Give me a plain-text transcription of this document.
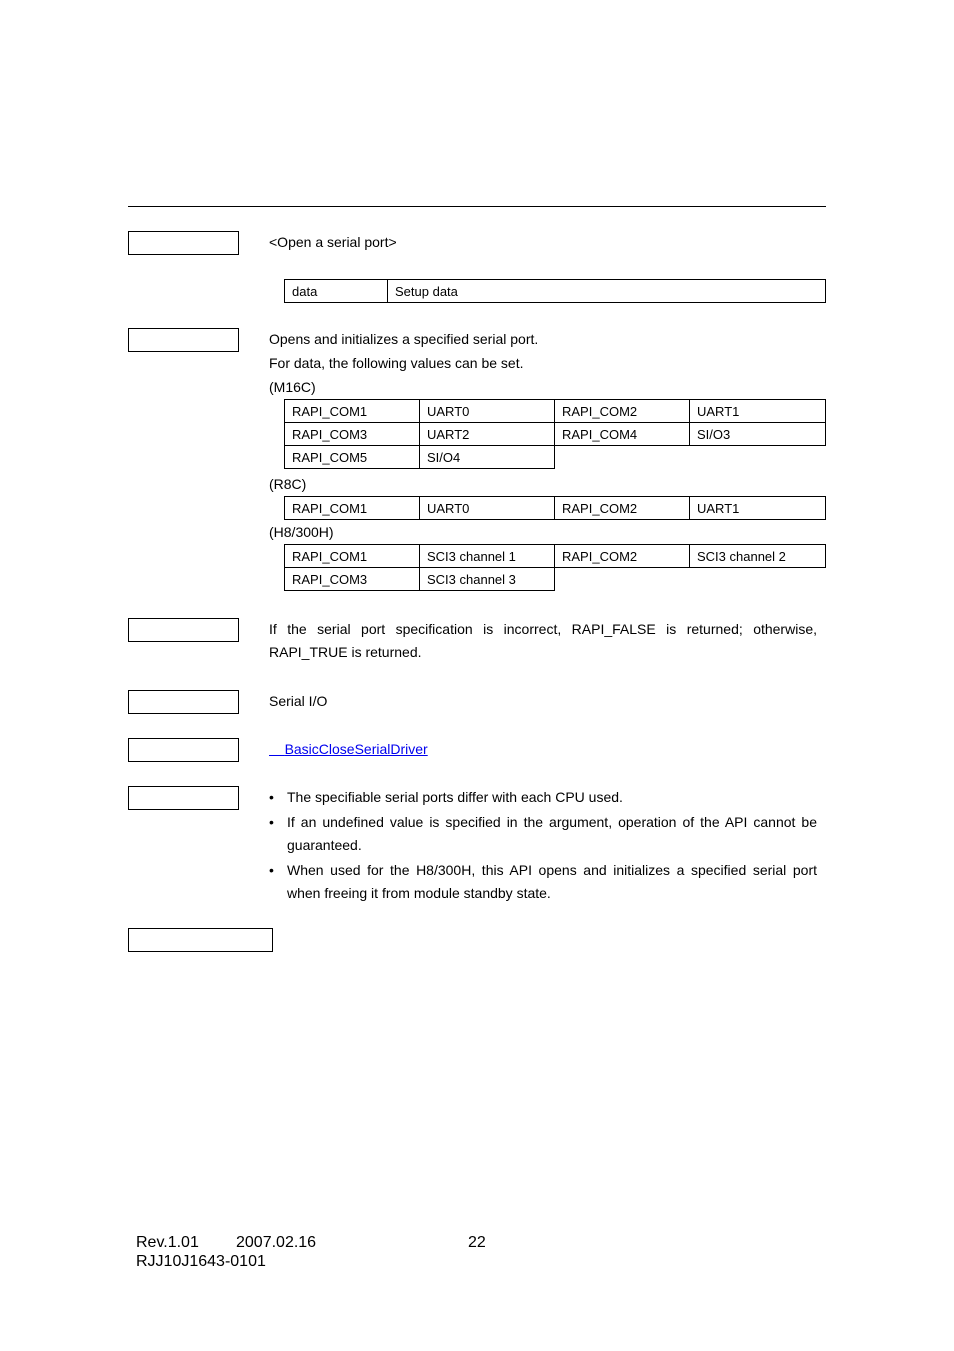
<Open a serial port>
data	Setup data
Opens and initializes a specified serial port.
For data, the following values can be set.
(M16C)
RAPI_COM1	UART0	RAPI_COM2	UART1
RAPI_COM3	UART2	RAPI_COM4	SI/O3
RAPI_COM5	SI/O4		
(R8C)
RAPI_COM1	UART0	RAPI_COM2	UART1
(H8/300H)
RAPI_COM1	SCI3 channel 1	RAPI_COM2	SCI3 channel 2
RAPI_COM3	SCI3 channel 3		
If the serial port specification is incorrect, RAPI_FALSE is returned; otherwise, RAPI_TRUE is returned.
Serial I/O
BasicCloseSerialDriver
• The specifiable serial ports differ with each CPU used.
• If an undefined value is specified in the argument, operation of the API cannot be guaranteed.
• When used for the H8/300H, this API opens and initializes a specified serial port when freeing it from module standby state.
Rev.1.01 2007.02.16	22
RJJ10J1643-0101
